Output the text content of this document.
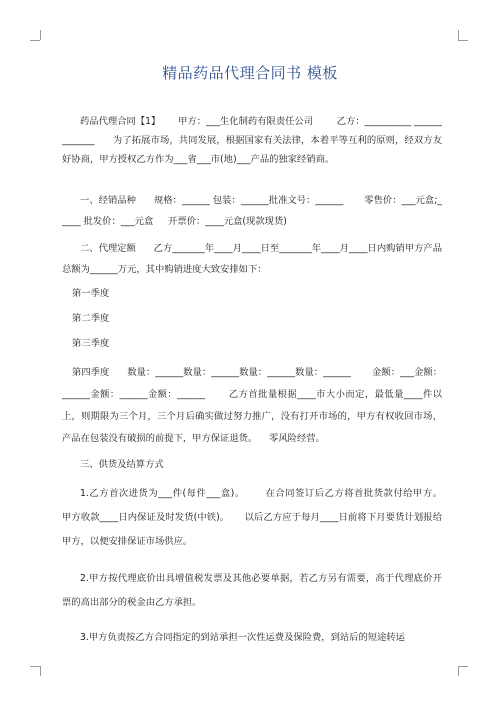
精品药品代理合同书 模板

药品代理合同【1】      甲方：___生化制药有限责任公司        乙方：__________ _____________      为了拓展市场，共同发展，根据国家有关法律，本着平等互利的原则，经双方友好协商，甲方授权乙方作为___省___市(地)___产品的独家经销商。

一、经销品种      规格：______ 包装：______批准文号：______       零售价：___元盒;_____ 批发价：___元盒     开票价：____元盒(现款现货)

二、代理定额      乙方_______年____月____日至_______年____月____日内购销甲方产品总额为______万元，其中购销进度大致安排如下：

第一季度

第二季度

第三季度

第四季度      数量：______数量：______数量：______数量：______       金额：___金额：______金额：______金额：______       乙方首批量根据____市大小而定，最低量____件以上，则期限为三个月，三个月后确实做过努力推广，没有打开市场的，甲方有权收回市场，产品在包装没有破损的前提下，甲方保证退货。    零风险经营。

三、供货及结算方式

1.乙方首次进货为___件(每件___盒)。      在合同签订后乙方将首批货款付给甲方。     甲方收款____日内保证及时发货(中铁)。     以后乙方应于每月____日前将下月要货计划报给甲方，以便安排保证市场供应。

2.甲方按代理底价出具增值税发票及其他必要单据，若乙方另有需要，高于代理底价开票的高出部分的税金由乙方承担。

3.甲方负责按乙方合同指定的到站承担一次性运费及保险费，到站后的短途转运
